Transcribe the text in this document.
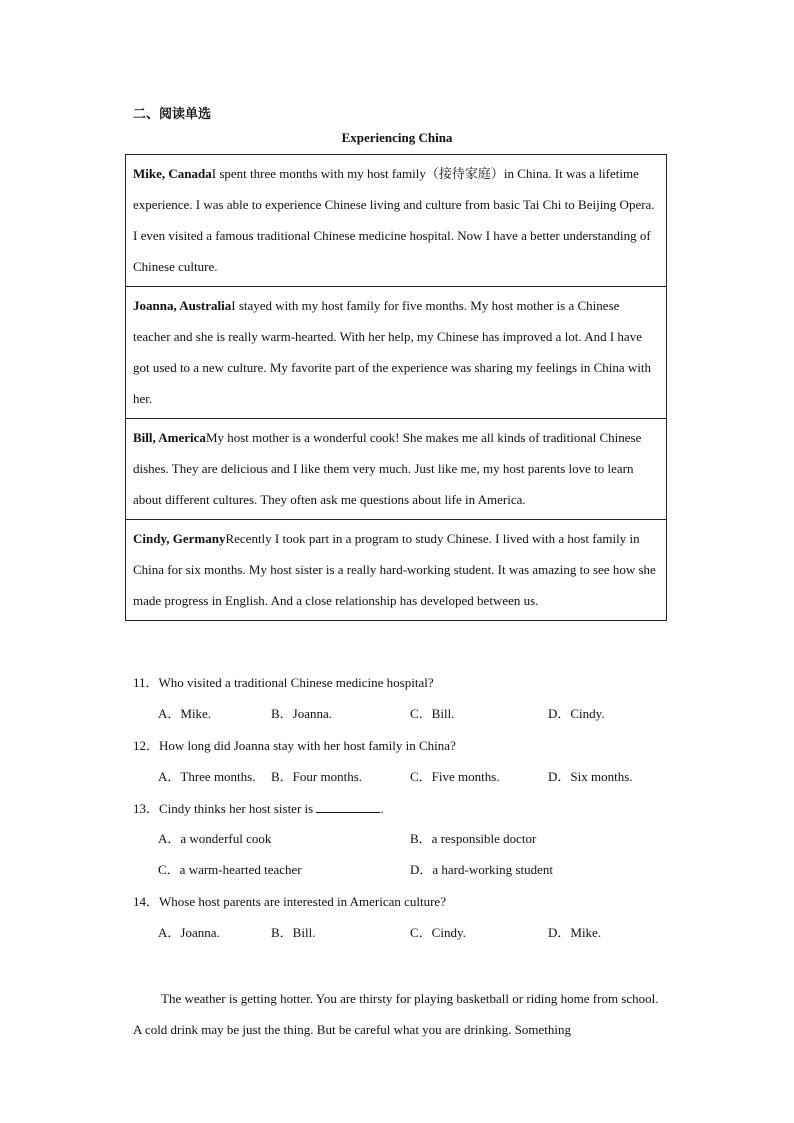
二、阅读单选
Experiencing China
Mike, CanadaI spent three months with my host family（接待家庭）in China. It was a lifetime experience. I was able to experience Chinese living and culture from basic Tai Chi to Beijing Opera. I even visited a famous traditional Chinese medicine hospital. Now I have a better understanding of Chinese culture.
Joanna, AustraliaI stayed with my host family for five months. My host mother is a Chinese teacher and she is really warm-hearted. With her help, my Chinese has improved a lot. And I have got used to a new culture. My favorite part of the experience was sharing my feelings in China with her.
Bill, AmericaMy host mother is a wonderful cook! She makes me all kinds of traditional Chinese dishes. They are delicious and I like them very much. Just like me, my host parents love to learn about different cultures. They often ask me questions about life in America.
Cindy, GermanyRecently I took part in a program to study Chinese. I lived with a host family in China for six months. My host sister is a really hard-working student. It was amazing to see how she made progress in English. And a close relationship has developed between us.
11．Who visited a traditional Chinese medicine hospital?
A．Mike.	B．Joanna.	C．Bill.	D．Cindy.
12．How long did Joanna stay with her host family in China?
A．Three months. B．Four months.	C．Five months.	D．Six months.
13．Cindy thinks her host sister is	.
A．a wonderful cook	B．a responsible doctor
C．a warm-hearted teacher	D．a hard-working student
14．Whose host parents are interested in American culture?
A．Joanna.	B．Bill.	C．Cindy.	D．Mike.
The weather is getting hotter. You are thirsty for playing basketball or riding home from school. A cold drink may be just the thing. But be careful what you are drinking. Something
